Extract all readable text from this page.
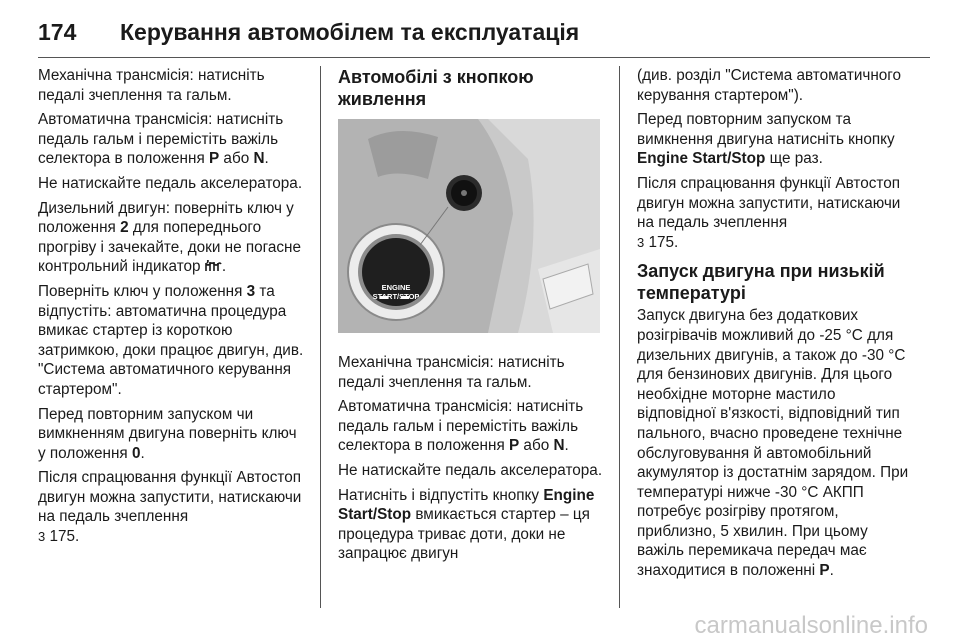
174	Керування автомобілем та експлуатація

Механічна трансмісія: натисніть педалі зчеплення та гальм.

Автоматична трансмісія: натисніть педаль гальм і перемістіть важіль селектора в положення P або N.

Не натискайте педаль акселератора.

Дизельний двигун: поверніть ключ у положення 2 для попереднього прогріву і зачекайте, доки не погасне контрольний індикатор .

Поверніть ключ у положення 3 та відпустіть: автоматична процедура вмикає стартер із короткою затримкою, доки працює двигун, див. "Система автоматичного керування стартером".

Перед повторним запуском чи вимкненням двигуна поверніть ключ у положення 0.

Після спрацювання функції Автостоп двигун можна запустити, натискаючи на педаль зчеплення
3 175.

Автомобілі з кнопкою живлення
ENGINE
START/STOP

Механічна трансмісія: натисніть педалі зчеплення та гальм.

Автоматична трансмісія: натисніть педаль гальм і перемістіть важіль селектора в положення P або N.

Не натискайте педаль акселератора.

Натисніть і відпустіть кнопку Engine Start/Stop вмикається стартер – ця процедура триває доти, доки не запрацює двигун

(див. розділ "Система автоматичного керування стартером").

Перед повторним запуском та вимкнення двигуна натисніть кнопку Engine Start/Stop ще раз.

Після спрацювання функції Автостоп двигун можна запустити, натискаючи на педаль зчеплення
3 175.

Запуск двигуна при низькій температурі

Запуск двигуна без додаткових розігрівачів можливий до -25 °C для дизельних двигунів, а також до -30 °C для бензинових двигунів. Для цього необхідне моторне мастило відповідної в'язкості, відповідний тип пального, вчасно проведене технічне обслуговування й автомобільний акумулятор із достатнім зарядом. При температурі нижче -30 °C АКПП потребує розігріву протягом, приблизно, 5 хвилин. При цьому важіль перемикача передач має знаходитися в положенні P.

carmanualsonline.info
